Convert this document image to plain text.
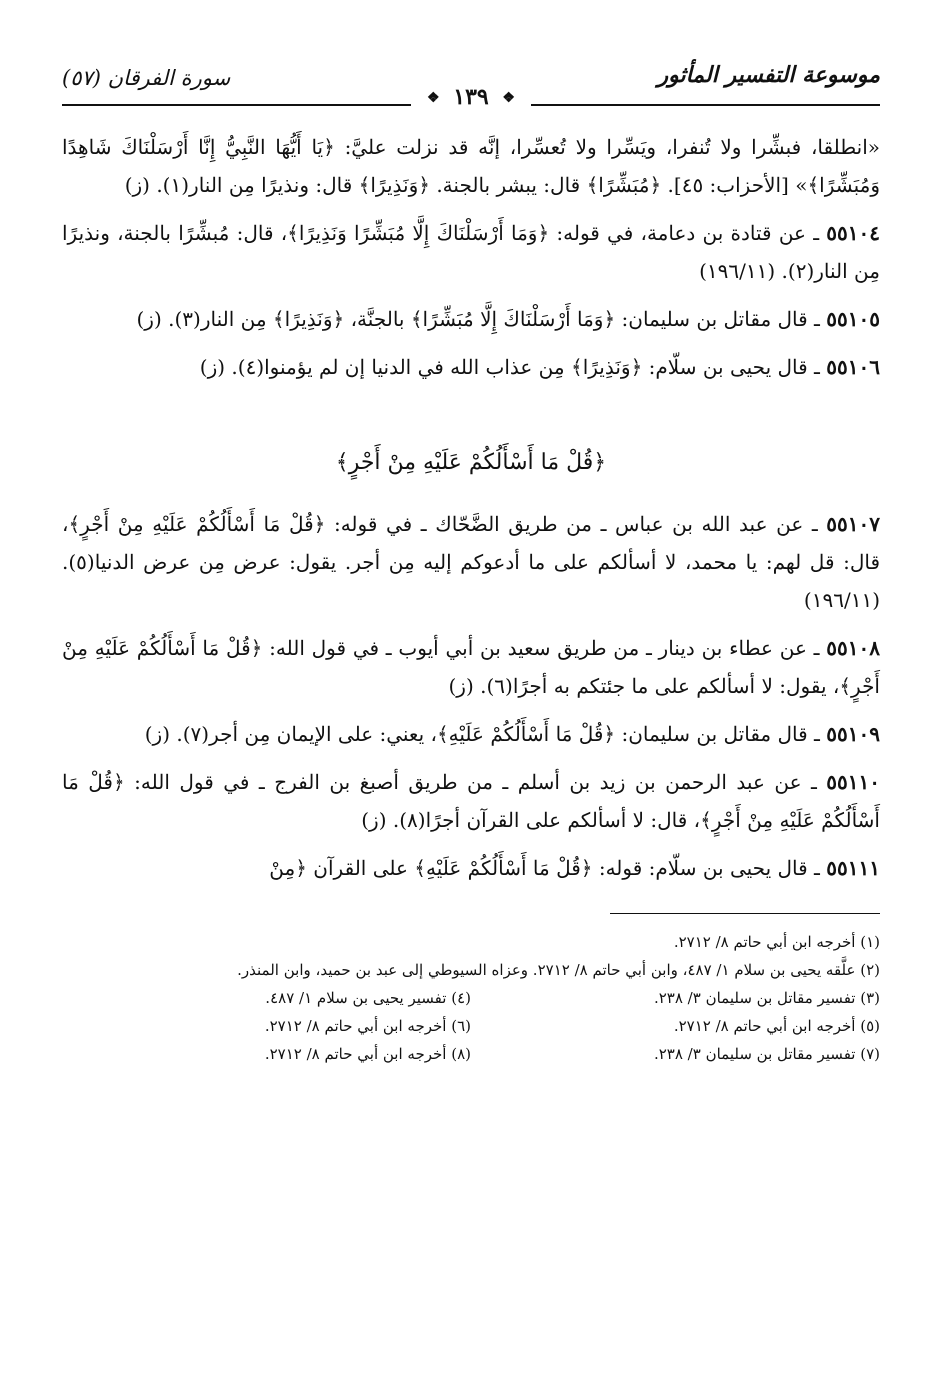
موسوعة التفسير المأثور
سورة الفرقان (٥٧)
❖ ١٣٩ ❖

«انطلقا، فبشِّرا ولا تُنفرا، ويَسِّرا ولا تُعسِّرا، إنَّه قد نزلت عليَّ: ﴿يَا أَيُّهَا النَّبِيُّ إِنَّا أَرْسَلْنَاكَ شَاهِدًا وَمُبَشِّرًا﴾» [الأحزاب: ٤٥]. ﴿مُبَشِّرًا﴾ قال: يبشر بالجنة. ﴿وَنَذِيرًا﴾ قال: ونذيرًا مِن النار(١). (ز)

٥٥١٠٤ ـ عن قتادة بن دعامة، في قوله: ﴿وَمَا أَرْسَلْنَاكَ إِلَّا مُبَشِّرًا وَنَذِيرًا﴾، قال: مُبشِّرًا بالجنة، ونذيرًا مِن النار(٢). (١٩٦/١١)

٥٥١٠٥ ـ قال مقاتل بن سليمان: ﴿وَمَا أَرْسَلْنَاكَ إِلَّا مُبَشِّرًا﴾ بالجنَّة، ﴿وَنَذِيرًا﴾ مِن النار(٣). (ز)

٥٥١٠٦ ـ قال يحيى بن سلّام: ﴿وَنَذِيرًا﴾ مِن عذاب الله في الدنيا إن لم يؤمنوا(٤). (ز)

﴿قُلْ مَا أَسْأَلُكُمْ عَلَيْهِ مِنْ أَجْرٍ﴾

٥٥١٠٧ ـ عن عبد الله بن عباس ـ من طريق الضَّحّاك ـ في قوله: ﴿قُلْ مَا أَسْأَلُكُمْ عَلَيْهِ مِنْ أَجْرٍ﴾، قال: قل لهم: يا محمد، لا أسألكم على ما أدعوكم إليه مِن أجر. يقول: عرض مِن عرض الدنيا(٥). (١٩٦/١١)

٥٥١٠٨ ـ عن عطاء بن دينار ـ من طريق سعيد بن أبي أيوب ـ في قول الله: ﴿قُلْ مَا أَسْأَلُكُمْ عَلَيْهِ مِنْ أَجْرٍ﴾، يقول: لا أسألكم على ما جئتكم به أجرًا(٦). (ز)

٥٥١٠٩ ـ قال مقاتل بن سليمان: ﴿قُلْ مَا أَسْأَلُكُمْ عَلَيْهِ﴾، يعني: على الإيمان مِن أجر(٧). (ز)

٥٥١١٠ ـ عن عبد الرحمن بن زيد بن أسلم ـ من طريق أصبغ بن الفرج ـ في قول الله: ﴿قُلْ مَا أَسْأَلُكُمْ عَلَيْهِ مِنْ أَجْرٍ﴾، قال: لا أسألكم على القرآن أجرًا(٨). (ز)

٥٥١١١ ـ قال يحيى بن سلّام: قوله: ﴿قُلْ مَا أَسْأَلُكُمْ عَلَيْهِ﴾ على القرآن ﴿مِنْ

(١) أخرجه ابن أبي حاتم ٨/ ٢٧١٢.
(٢) علَّقه يحيى بن سلام ١/ ٤٨٧، وابن أبي حاتم ٨/ ٢٧١٢. وعزاه السيوطي إلى عبد بن حميد، وابن المنذر.
(٣) تفسير مقاتل بن سليمان ٣/ ٢٣٨.
(٤) تفسير يحيى بن سلام ١/ ٤٨٧.
(٥) أخرجه ابن أبي حاتم ٨/ ٢٧١٢.
(٦) أخرجه ابن أبي حاتم ٨/ ٢٧١٢.
(٧) تفسير مقاتل بن سليمان ٣/ ٢٣٨.
(٨) أخرجه ابن أبي حاتم ٨/ ٢٧١٢.
